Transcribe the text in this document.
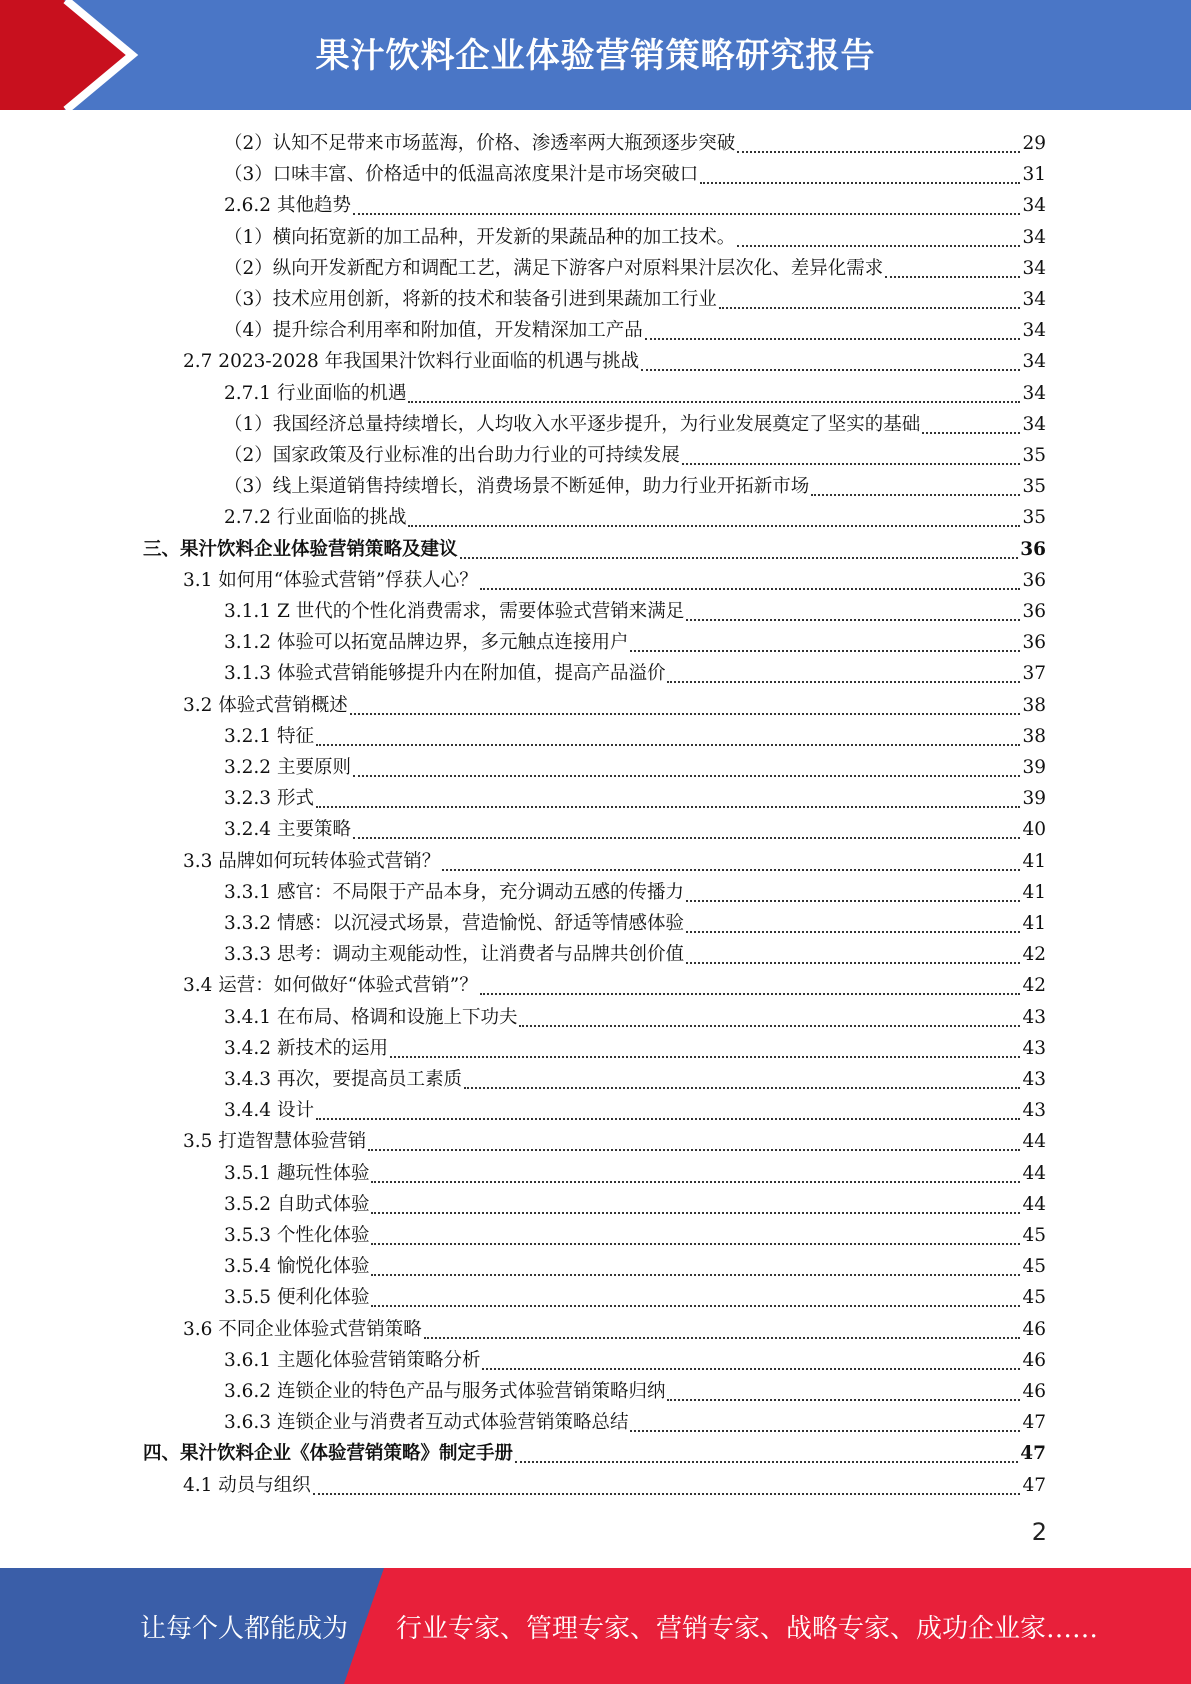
果汁饮料企业体验营销策略研究报告
（2）认知不足带来市场蓝海，价格、渗透率两大瓶颈逐步突破	29
（3）口味丰富、价格适中的低温高浓度果汁是市场突破口	31
2.6.2 其他趋势	34
（1）横向拓宽新的加工品种，开发新的果蔬品种的加工技术。	34
（2）纵向开发新配方和调配工艺，满足下游客户对原料果汁层次化、差异化需求	34
（3）技术应用创新，将新的技术和装备引进到果蔬加工行业	34
（4）提升综合利用率和附加值，开发精深加工产品	34
2.7 2023-2028 年我国果汁饮料行业面临的机遇与挑战	34
2.7.1 行业面临的机遇	34
（1）我国经济总量持续增长，人均收入水平逐步提升，为行业发展奠定了坚实的基础	34
（2）国家政策及行业标准的出台助力行业的可持续发展	35
（3）线上渠道销售持续增长，消费场景不断延伸，助力行业开拓新市场	35
2.7.2 行业面临的挑战	35
三、果汁饮料企业体验营销策略及建议	36
3.1 如何用“体验式营销”俘获人心？	36
3.1.1 Z 世代的个性化消费需求，需要体验式营销来满足	36
3.1.2 体验可以拓宽品牌边界，多元触点连接用户	36
3.1.3 体验式营销能够提升内在附加值，提高产品溢价	37
3.2 体验式营销概述	38
3.2.1 特征	38
3.2.2 主要原则	39
3.2.3 形式	39
3.2.4 主要策略	40
3.3 品牌如何玩转体验式营销？	41
3.3.1 感官：不局限于产品本身，充分调动五感的传播力	41
3.3.2 情感：以沉浸式场景，营造愉悦、舒适等情感体验	41
3.3.3 思考：调动主观能动性，让消费者与品牌共创价值	42
3.4 运营：如何做好“体验式营销”？	42
3.4.1 在布局、格调和设施上下功夫	43
3.4.2 新技术的运用	43
3.4.3 再次，要提高员工素质	43
3.4.4 设计	43
3.5 打造智慧体验营销	44
3.5.1 趣玩性体验	44
3.5.2 自助式体验	44
3.5.3 个性化体验	45
3.5.4 愉悦化体验	45
3.5.5 便利化体验	45
3.6 不同企业体验式营销策略	46
3.6.1 主题化体验营销策略分析	46
3.6.2 连锁企业的特色产品与服务式体验营销策略归纳	46
3.6.3 连锁企业与消费者互动式体验营销策略总结	47
四、果汁饮料企业《体验营销策略》制定手册	47
4.1 动员与组织	47
2
让每个人都能成为 行业专家、管理专家、营销专家、战略专家、成功企业家……
